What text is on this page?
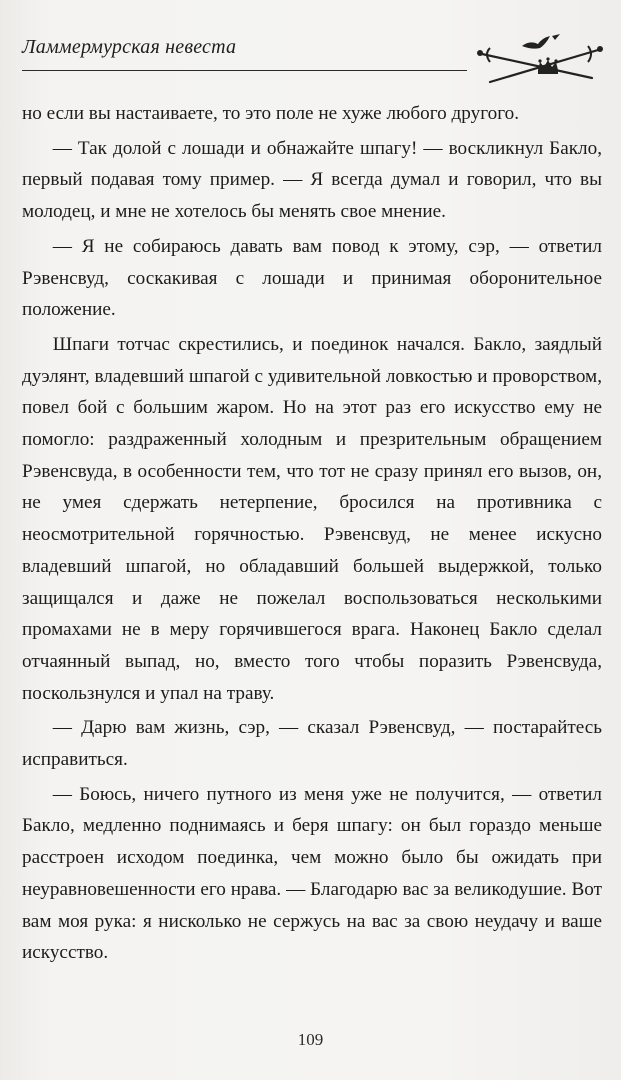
Ламмермурская невеста

но если вы настаиваете, то это поле не хуже любого другого.

— Так долой с лошади и обнажайте шпагу! — воскликнул Бакло, первый подавая тому пример. — Я всегда думал и говорил, что вы молодец, и мне не хотелось бы менять свое мнение.

— Я не собираюсь давать вам повод к этому, сэр, — ответил Рэвенсвуд, соскакивая с лошади и принимая оборонительное положение.

Шпаги тотчас скрестились, и поединок начался. Бакло, заядлый дуэлянт, владевший шпагой с удивительной ловкостью и проворством, повел бой с большим жаром. Но на этот раз его искусство ему не помогло: раздраженный холодным и презрительным обращением Рэвенсвуда, в особенности тем, что тот не сразу принял его вызов, он, не умея сдержать нетерпение, бросился на противника с неосмотрительной горячностью. Рэвенсвуд, не менее искусно владевший шпагой, но обладавший большей выдержкой, только защищался и даже не пожелал воспользоваться несколькими промахами не в меру горячившегося врага. Наконец Бакло сделал отчаянный выпад, но, вместо того чтобы поразить Рэвенсвуда, поскользнулся и упал на траву.

— Дарю вам жизнь, сэр, — сказал Рэвенсвуд, — постарайтесь исправиться.

— Боюсь, ничего путного из меня уже не получится, — ответил Бакло, медленно поднимаясь и беря шпагу: он был гораздо меньше расстроен исходом поединка, чем можно было бы ожидать при неуравновешенности его нрава. — Благодарю вас за великодушие. Вот вам моя рука: я нисколько не сержусь на вас за свою неудачу и ваше искусство.

109
